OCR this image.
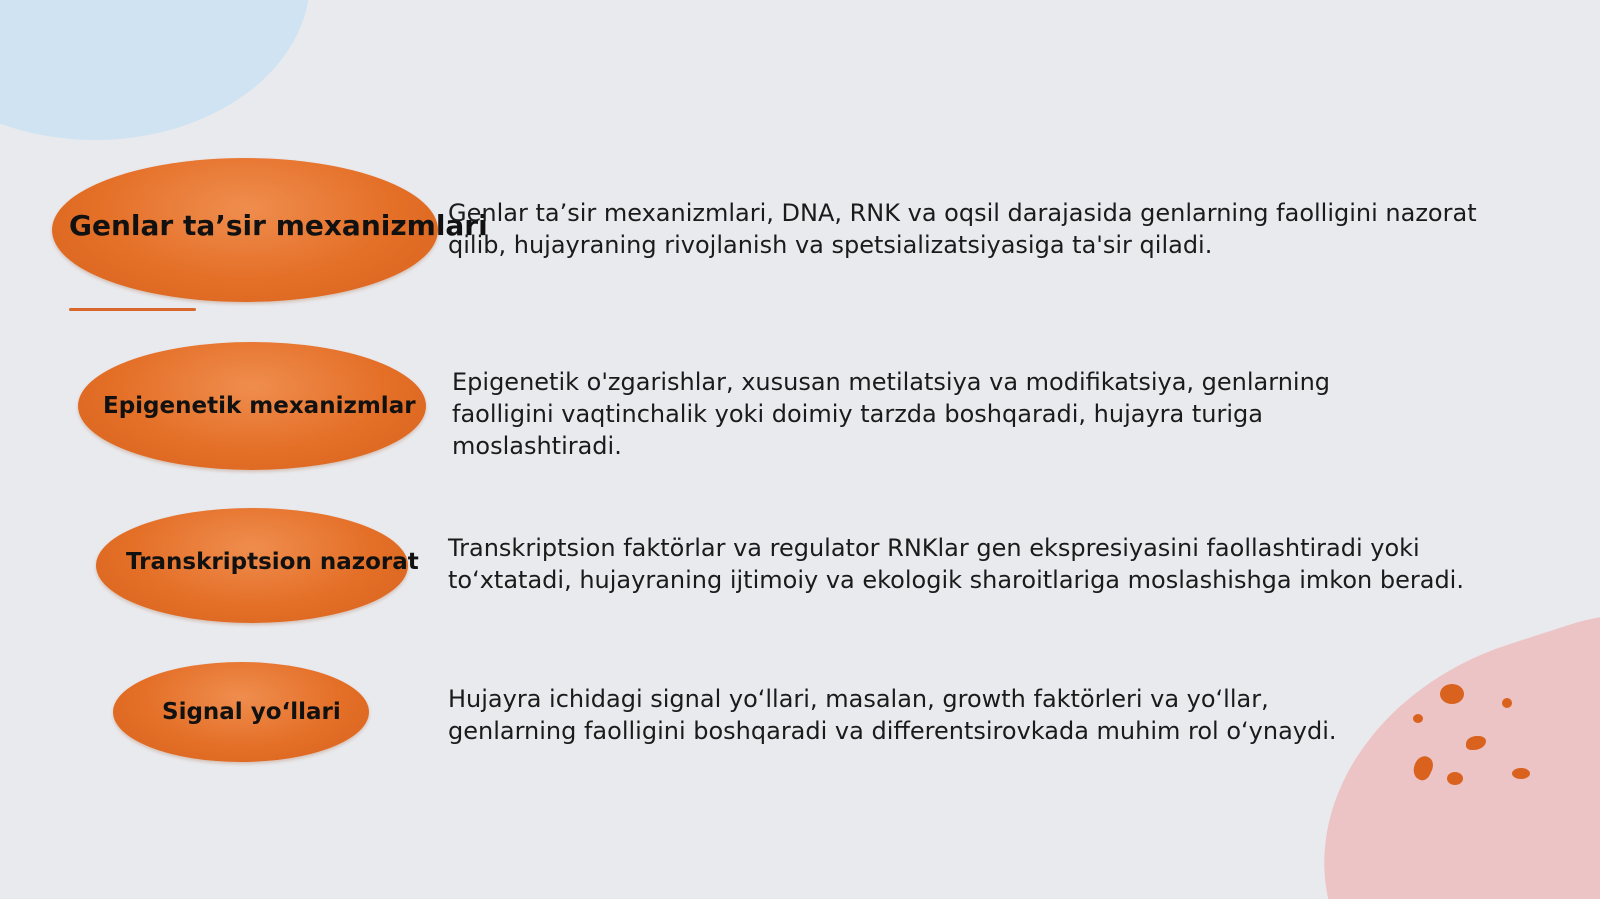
Genlar ta’sir mexanizmlari
Genlar ta’sir mexanizmlari, DNA, RNK va oqsil darajasida genlarning faolligini nazorat qilib, hujayraning rivojlanish va spetsializatsiyasiga ta'sir qiladi.
Epigenetik mexanizmlar
Epigenetik o'zgarishlar, xususan metilatsiya va modifikatsiya, genlarning faolligini vaqtinchalik yoki doimiy tarzda boshqaradi, hujayra turiga moslashtiradi.
Transkriptsion nazorat Transkriptsion faktörlar va regulator RNKlar gen ekspresiyasini faollashtiradi yoki to‘xtatadi, hujayraning ijtimoiy va ekologik sharoitlariga moslashishga imkon beradi.
Signal yo‘llari	Hujayra ichidagi signal yo‘llari, masalan, growth faktörleri va yo‘llar, genlarning faolligini boshqaradi va differentsirovkada muhim rol o‘ynaydi.
